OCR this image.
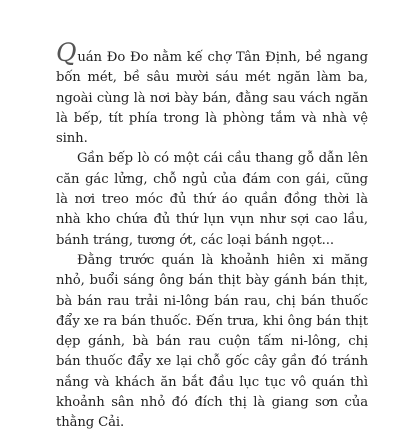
Quán Đo Đo nằm kế chợ Tân Định, bề ngang bốn mét, bề sâu mười sáu mét ngăn làm ba, ngoài cùng là nơi bày bán, đằng sau vách ngăn là bếp, tít phía trong là phòng tắm và nhà vệ sinh.

Gần bếp lò có một cái cầu thang gỗ dẫn lên căn gác lửng, chỗ ngủ của đám con gái, cũng là nơi treo móc đủ thứ áo quần đồng thời là nhà kho chứa đủ thứ lụn vụn như sợi cao lầu, bánh tráng, tương ớt, các loại bánh ngọt...

Đằng trước quán là khoảnh hiên xi măng nhỏ, buổi sáng ông bán thịt bày gánh bán thịt, bà bán rau trải ni-lông bán rau, chị bán thuốc đẩy xe ra bán thuốc. Đến trưa, khi ông bán thịt dẹp gánh, bà bán rau cuộn tấm ni-lông, chị bán thuốc đẩy xe lại chỗ gốc cây gần đó tránh nắng và khách ăn bắt đầu lục tục vô quán thì khoảnh sân nhỏ đó đích thị là giang sơn của thằng Cải.
